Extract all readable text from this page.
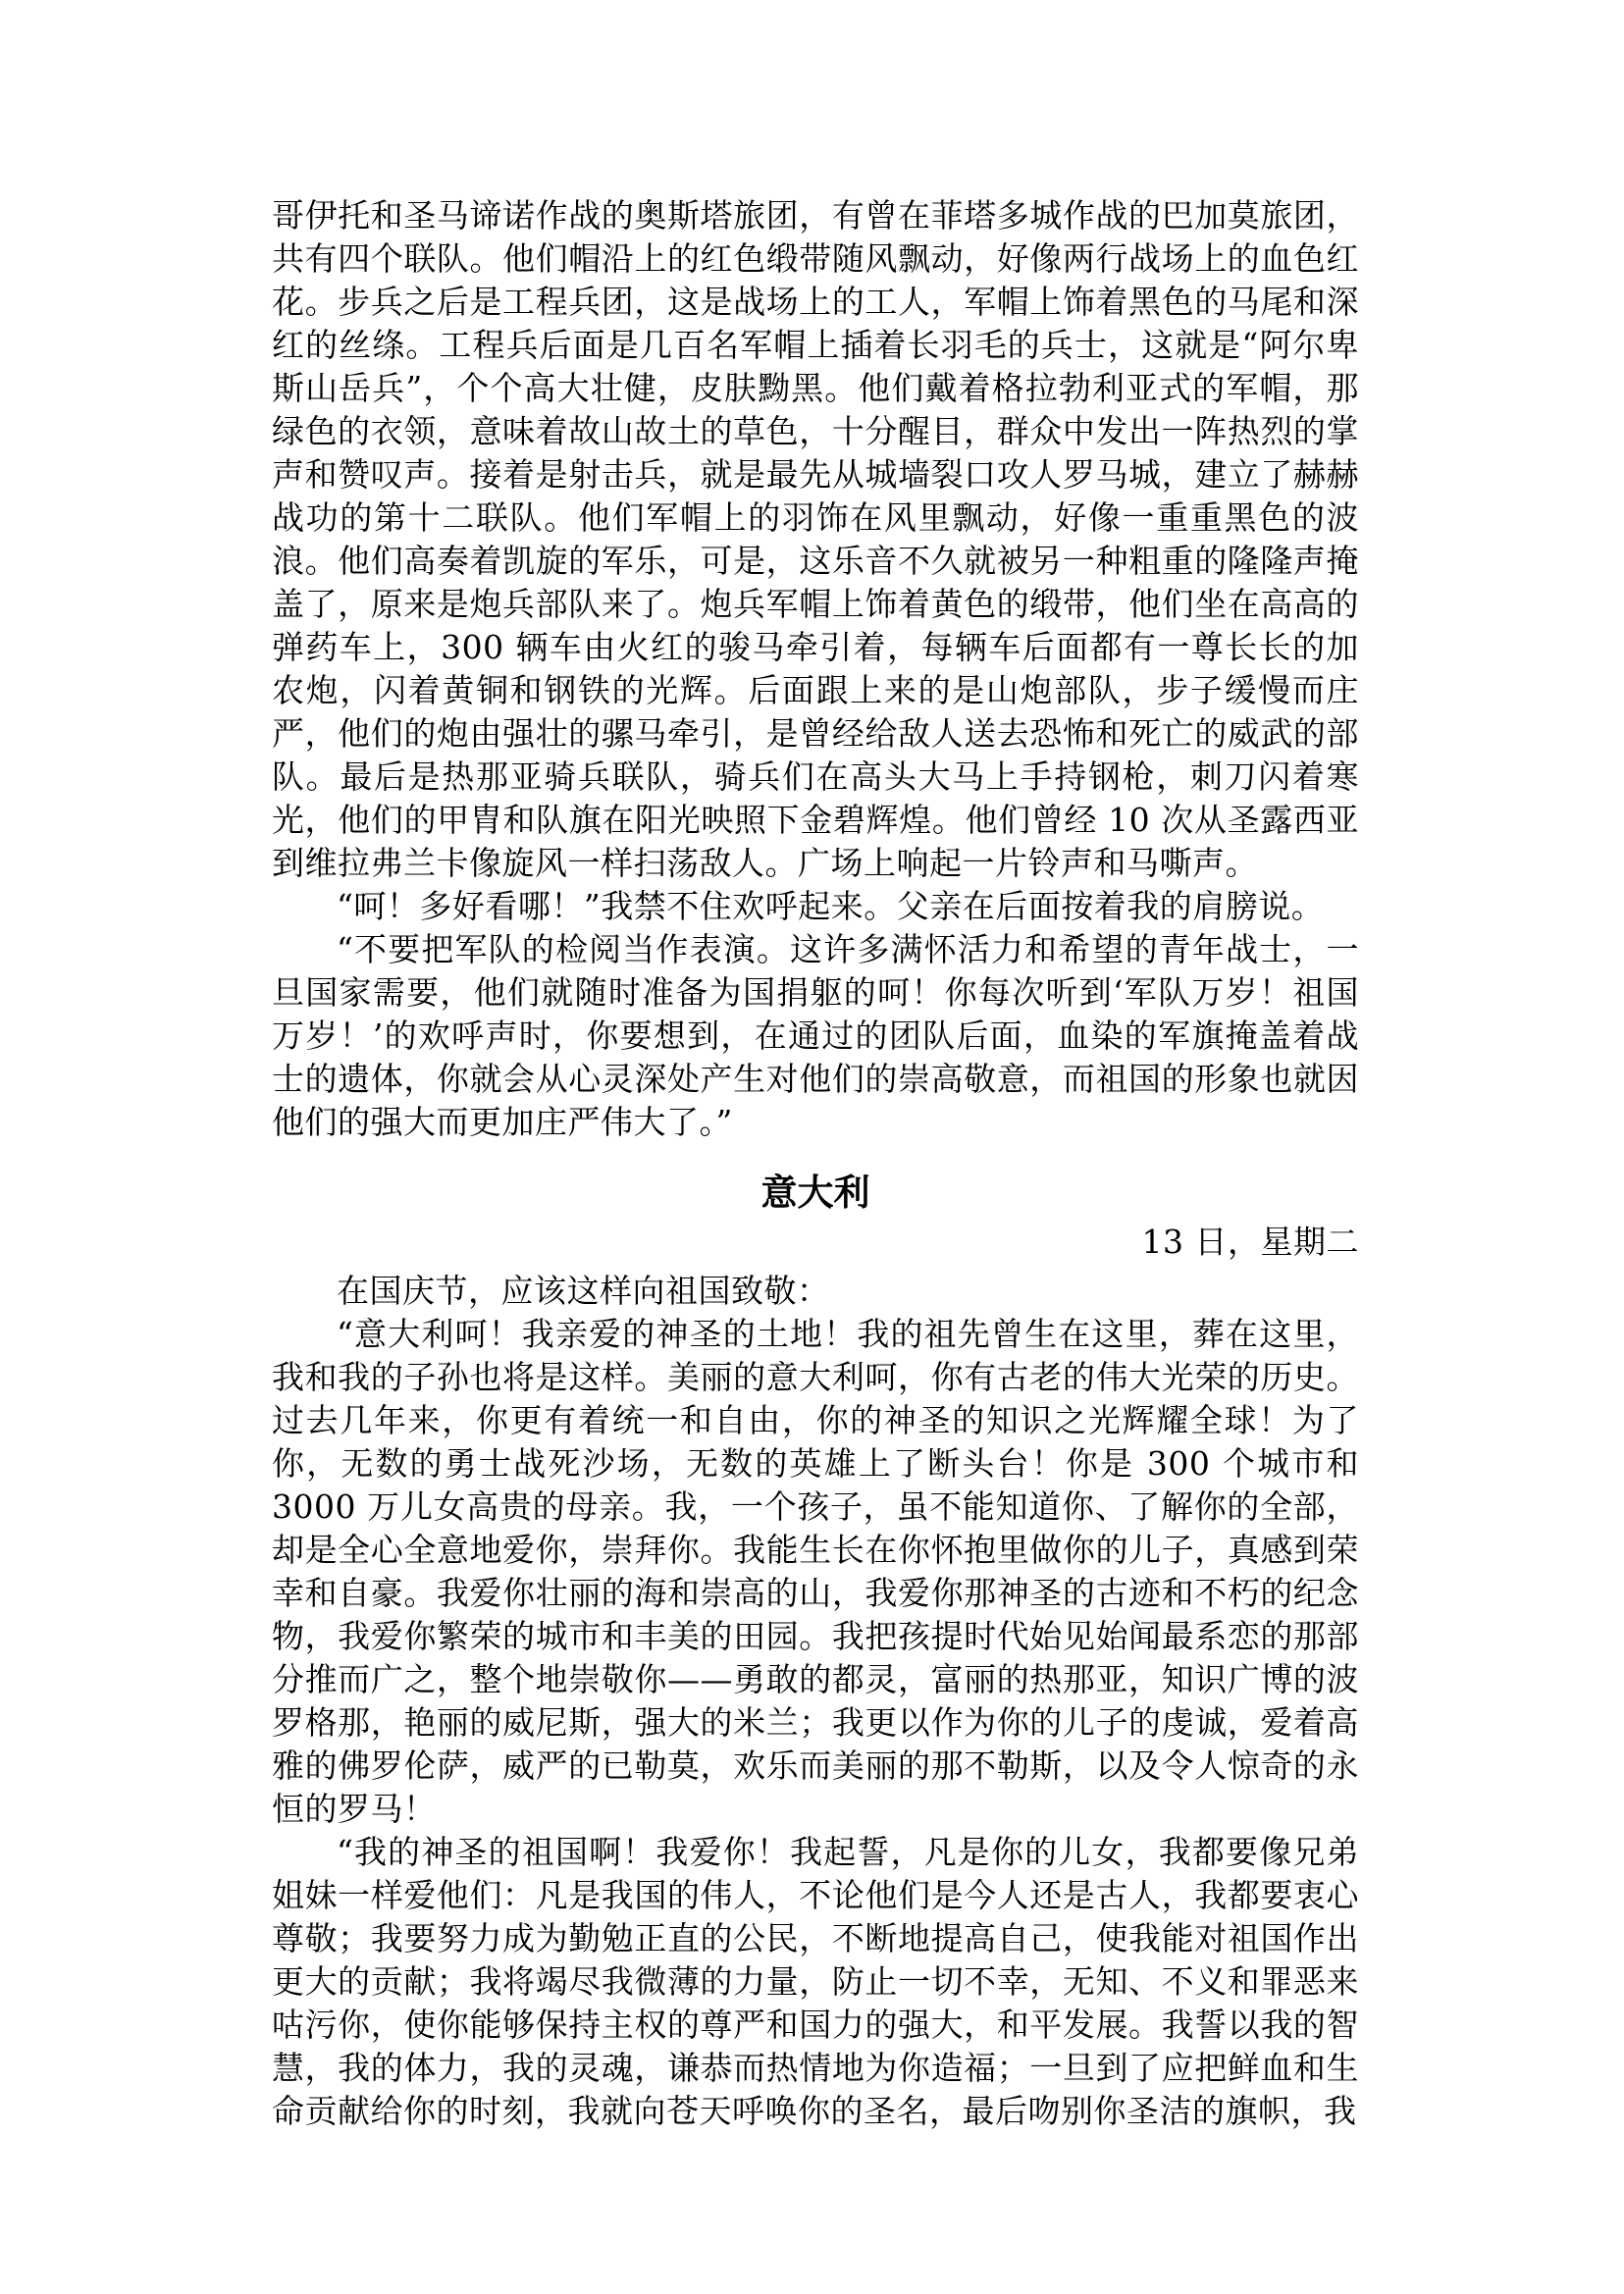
哥伊托和圣马谛诺作战的奥斯塔旅团，有曾在菲塔多城作战的巴加莫旅团，共有四个联队。他们帽沿上的红色缎带随风飘动，好像两行战场上的血色红花。步兵之后是工程兵团，这是战场上的工人，军帽上饰着黑色的马尾和深红的丝绦。工程兵后面是几百名军帽上插着长羽毛的兵士，这就是“阿尔卑斯山岳兵”，个个高大壮健，皮肤黝黑。他们戴着格拉勃利亚式的军帽，那绿色的衣领，意味着故山故土的草色，十分醒目，群众中发出一阵热烈的掌声和赞叹声。接着是射击兵，就是最先从城墙裂口攻人罗马城，建立了赫赫战功的第十二联队。他们军帽上的羽饰在风里飘动，好像一重重黑色的波浪。他们高奏着凯旋的军乐，可是，这乐音不久就被另一种粗重的隆隆声掩盖了，原来是炮兵部队来了。炮兵军帽上饰着黄色的缎带，他们坐在高高的弹药车上，300 辆车由火红的骏马牵引着，每辆车后面都有一尊长长的加农炮，闪着黄铜和钢铁的光辉。后面跟上来的是山炮部队，步子缓慢而庄严，他们的炮由强壮的骡马牵引，是曾经给敌人送去恐怖和死亡的威武的部队。最后是热那亚骑兵联队，骑兵们在高头大马上手持钢枪，刺刀闪着寒光，他们的甲胄和队旗在阳光映照下金碧辉煌。他们曾经 10 次从圣露西亚到维拉弗兰卡像旋风一样扫荡敌人。广场上响起一片铃声和马嘶声。

“呵！多好看哪！”我禁不住欢呼起来。父亲在后面按着我的肩膀说。

“不要把军队的检阅当作表演。这许多满怀活力和希望的青年战士，一旦国家需要，他们就随时准备为国捐躯的呵！你每次听到‘军队万岁！祖国万岁！’的欢呼声时，你要想到，在通过的团队后面，血染的军旗掩盖着战士的遗体，你就会从心灵深处产生对他们的崇高敬意，而祖国的形象也就因他们的强大而更加庄严伟大了。”

意大利

13 日，星期二

在国庆节，应该这样向祖国致敬：

“意大利呵！我亲爱的神圣的土地！我的祖先曾生在这里，葬在这里，我和我的子孙也将是这样。美丽的意大利呵，你有古老的伟大光荣的历史。过去几年来，你更有着统一和自由，你的神圣的知识之光辉耀全球！为了你，无数的勇士战死沙场，无数的英雄上了断头台！你是 300 个城市和 3000 万儿女高贵的母亲。我，一个孩子，虽不能知道你、了解你的全部，却是全心全意地爱你，崇拜你。我能生长在你怀抱里做你的儿子，真感到荣幸和自豪。我爱你壮丽的海和崇高的山，我爱你那神圣的古迹和不朽的纪念物，我爱你繁荣的城市和丰美的田园。我把孩提时代始见始闻最系恋的那部分推而广之，整个地崇敬你——勇敢的都灵，富丽的热那亚，知识广博的波罗格那，艳丽的威尼斯，强大的米兰；我更以作为你的儿子的虔诚，爱着高雅的佛罗伦萨，威严的已勒莫，欢乐而美丽的那不勒斯，以及令人惊奇的永恒的罗马！

“我的神圣的祖国啊！我爱你！我起誓，凡是你的儿女，我都要像兄弟姐妹一样爱他们：凡是我国的伟人，不论他们是今人还是古人，我都要衷心尊敬；我要努力成为勤勉正直的公民，不断地提高自己，使我能对祖国作出更大的贡献；我将竭尽我微薄的力量，防止一切不幸，无知、不义和罪恶来咕污你，使你能够保持主权的尊严和国力的强大，和平发展。我誓以我的智慧，我的体力，我的灵魂，谦恭而热情地为你造福；一旦到了应把鲜血和生命贡献给你的时刻，我就向苍天呼唤你的圣名，最后吻别你圣洁的旗帜，我
